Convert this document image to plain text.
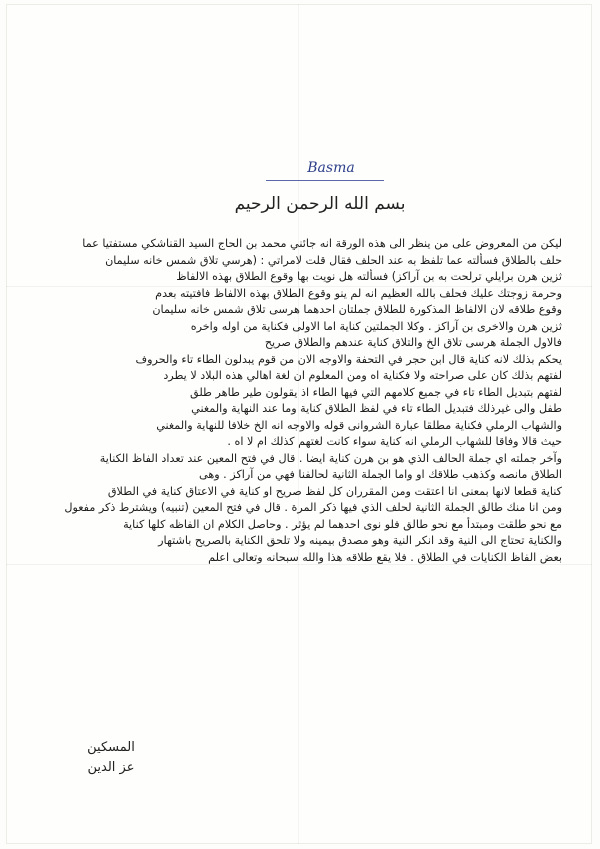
Basma
بسم الله الرحمن الرحيم
ليكن من المعروض على من ينظر الى هذه الورقة انه جائني محمد بن الحاج السيد القناشكي مستفتيا عما
حلف بالطلاق فسألته عما تلفظ به عند الحلف فقال قلت لامراتي : (هرسي تلاق شمس خانه سليمان
ثزين هرن برايلي ترلحت به بن آراكز) فسألته هل نويت بها وقوع الطلاق بهذه الالفاظ
وحرمة زوجتك عليك فحلف بالله العظيم انه لم ينو وقوع الطلاق بهذه الالفاظ فافتيته بعدم
وقوع طلاقه لان الالفاظ المذكورة للطلاق جملتان احدهما هرسى تلاق شمس خانه سليمان
ثزين هرن والاخرى بن آراكز . وكلا الجملتين كناية اما الاولى فكناية من اوله واخره
فالاول الجملة هرسى تلاق الخ والتلاق كناية عندهم والطلاق صريح
يحكم بذلك لانه كناية قال ابن حجر في التحفة والاوجه الان من قوم يبدلون الطاء تاء والحروف
لفتهم بذلك كان على صراحته ولا فكناية اه ومن المعلوم ان لغة اهالي هذه البلاد لا يطرد
لفتهم بتبديل الطاء تاء في جميع كلامهم التي فيها الطاء اذ يقولون طير طاهر طلق
طفل والى غيرذلك فتبديل الطاء تاء في لفظ الطلاق كناية وما عند النهاية والمغني
والشهاب الرملي فكناية مطلقا عبارة الشروانى قوله والاوجه انه الخ خلافا للنهاية والمغني
حيث قالا وفاقا للشهاب الرملي انه كناية سواء كانت لغتهم كذلك ام لا اه .
وآخر جملته اي جملة الحالف الذي هو بن هرن كناية ايضا . قال في فتح المعين عند تعداد الفاظ الكناية
الطلاق مانصه وكذهب طلاقك او واما الجملة الثانية لحالفنا فهي من آراكز . وهى
كناية قطعا لانها بمعنى انا اعتقت ومن المقرران كل لفظ صريح او كناية في الاعتاق كناية في الطلاق
ومن انا منك طالق الجملة الثانية لحلف الذي فيها ذكر المرة . قال في فتح المعين (تنبيه) ويشترط ذكر مفعول
مع نحو طلقت ومبتدأ مع نحو طالق فلو نوى احدهما لم يؤثر . وحاصل الكلام ان الفاظه كلها كناية
والكناية تحتاج الى النية وقد انكر النية وهو مصدق بيمينه ولا تلحق الكناية بالصريح باشتهار
بعض الفاظ الكنايات في الطلاق . فلا يقع طلاقه هذا والله سبحانه وتعالى اعلم
المسكين
عز الدين
